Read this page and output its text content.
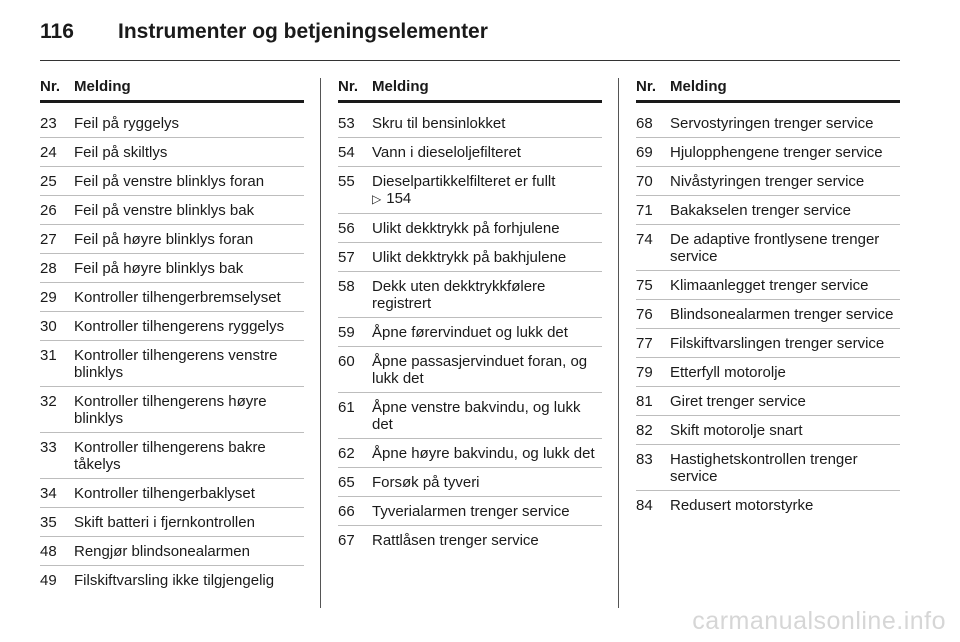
116	Instrumenter og betjeningselementer
Nr. Melding
23	Feil på ryggelys
24	Feil på skiltlys
25	Feil på venstre blinklys foran
26	Feil på venstre blinklys bak
27	Feil på høyre blinklys foran
28	Feil på høyre blinklys bak
29	Kontroller tilhengerbremselyset
30	Kontroller tilhengerens ryggelys
31	Kontroller tilhengerens venstre blinklys
32	Kontroller tilhengerens høyre blinklys
33	Kontroller tilhengerens bakre tåkelys
34	Kontroller tilhengerbaklyset
35	Skift batteri i fjernkontrollen
48	Rengjør blindsonealarmen
49	Filskiftvarsling ikke tilgjengelig
Nr. Melding
53	Skru til bensinlokket
54	Vann i dieseloljefilteret
55	Dieselpartikkelfilteret er fullt
▷ 154
56	Ulikt dekktrykk på forhjulene
57	Ulikt dekktrykk på bakhjulene
58	Dekk uten dekktrykkfølere registrert
59	Åpne førervinduet og lukk det
60	Åpne passasjervinduet foran, og lukk det
61	Åpne venstre bakvindu, og lukk det
62	Åpne høyre bakvindu, og lukk det
65	Forsøk på tyveri
66	Tyverialarmen trenger service
67	Rattlåsen trenger service
Nr. Melding
68	Servostyringen trenger service
69	Hjulopphengene trenger service
70	Nivåstyringen trenger service
71	Bakakselen trenger service
74	De adaptive frontlysene trenger service
75	Klimaanlegget trenger service
76	Blindsonealarmen trenger service
77	Filskiftvarslingen trenger service
79	Etterfyll motorolje
81	Giret trenger service
82	Skift motorolje snart
83	Hastighetskontrollen trenger service
84	Redusert motorstyrke
carmanualsonline.info
